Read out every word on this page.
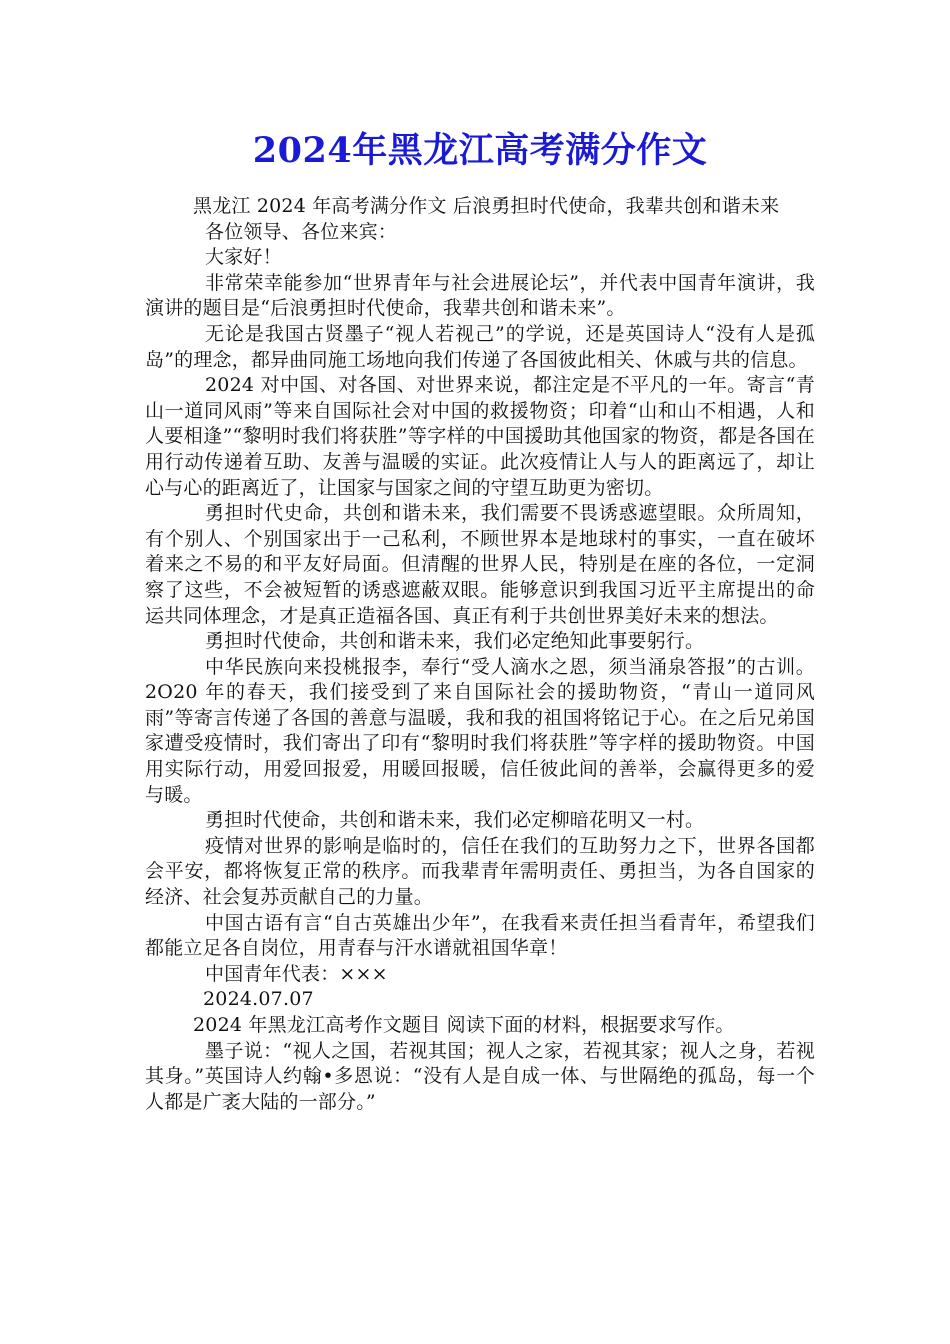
2024年黑龙江高考满分作文

黑龙江 2024 年高考满分作文 后浪勇担时代使命，我辈共创和谐未来

各位领导、各位来宾：

大家好！

非常荣幸能参加“世界青年与社会进展论坛”，并代表中国青年演讲，我演讲的题目是“后浪勇担时代使命，我辈共创和谐未来”。

无论是我国古贤墨子“视人若视己”的学说，还是英国诗人“没有人是孤岛”的理念，都异曲同施工场地向我们传递了各国彼此相关、休戚与共的信息。

2024 对中国、对各国、对世界来说，都注定是不平凡的一年。寄言“青山一道同风雨”等来自国际社会对中国的救援物资；印着“山和山不相遇，人和人要相逢”“黎明时我们将获胜”等字样的中国援助其他国家的物资，都是各国在用行动传递着互助、友善与温暖的实证。此次疫情让人与人的距离远了，却让心与心的距离近了，让国家与国家之间的守望互助更为密切。

勇担时代史命，共创和谐未来，我们需要不畏诱惑遮望眼。众所周知，有个别人、个别国家出于一己私利，不顾世界本是地球村的事实，一直在破坏着来之不易的和平友好局面。但清醒的世界人民，特别是在座的各位，一定洞察了这些，不会被短暂的诱惑遮蔽双眼。能够意识到我国习近平主席提出的命运共同体理念，才是真正造福各国、真正有利于共创世界美好未来的想法。

勇担时代使命，共创和谐未来，我们必定绝知此事要躬行。

中华民族向来投桃报李，奉行“受人滴水之恩，须当涌泉答报”的古训。2O20 年的春天，我们接受到了来自国际社会的援助物资，“青山一道同风雨”等寄言传递了各国的善意与温暖，我和我的祖国将铭记于心。在之后兄弟国家遭受疫情时，我们寄出了印有“黎明时我们将获胜”等字样的援助物资。中国用实际行动，用爱回报爱，用暖回报暖，信任彼此间的善举，会赢得更多的爱与暖。

勇担时代使命，共创和谐未来，我们必定柳暗花明又一村。

疫情对世界的影响是临时的，信任在我们的互助努力之下，世界各国都会平安，都将恢复正常的秩序。而我辈青年需明责任、勇担当，为各自国家的经济、社会复苏贡献自己的力量。

中国古语有言“自古英雄出少年”，在我看来责任担当看青年，希望我们都能立足各自岗位，用青春与汗水谱就祖国华章！

中国青年代表：×××

2024.07.07

2024 年黑龙江高考作文题目 阅读下面的材料，根据要求写作。

墨子说：“视人之国，若视其国；视人之家，若视其家；视人之身，若视其身。”英国诗人约翰•多恩说：“没有人是自成一体、与世隔绝的孤岛，每一个人都是广袤大陆的一部分。”
